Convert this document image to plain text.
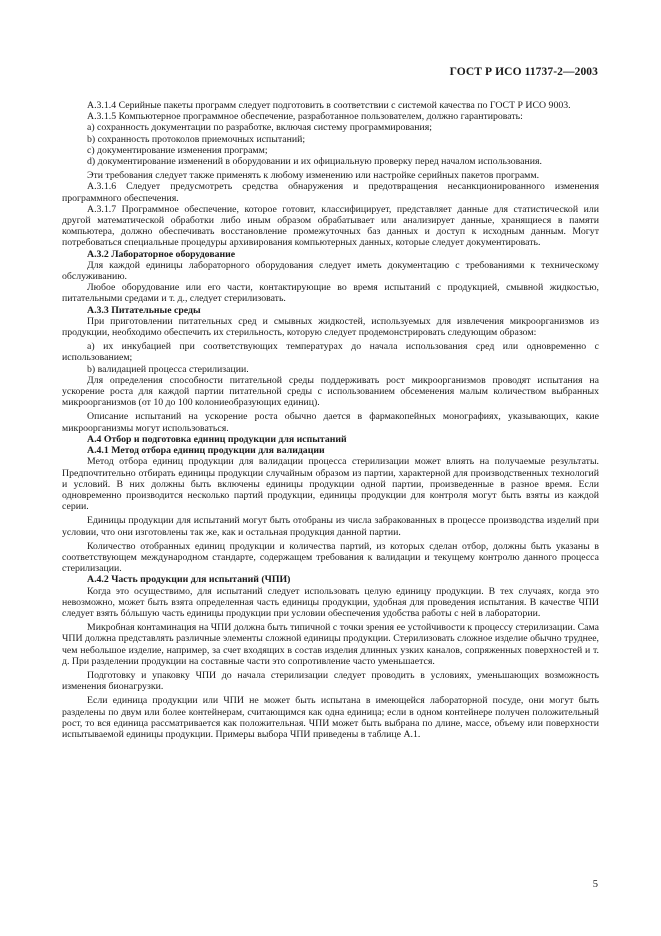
ГОСТ Р ИСО 11737-2—2003

А.3.1.4 Серийные пакеты программ следует подготовить в соответствии с системой качества по ГОСТ Р ИСО 9003.

А.3.1.5 Компьютерное программное обеспечение, разработанное пользователем, должно гарантировать:

а) сохранность документации по разработке, включая систему программирования;

b) сохранность протоколов приемочных испытаний;

c) документирование изменения программ;

d) документирование изменений в оборудовании и их официальную проверку перед началом использования.

Эти требования следует также применять к любому изменению или настройке серийных пакетов программ.

А.3.1.6 Следует предусмотреть средства обнаружения и предотвращения несанкционированного изменения программного обеспечения.

А.3.1.7 Программное обеспечение, которое готовит, классифицирует, представляет данные для статистической или другой математической обработки либо иным образом обрабатывает или анализирует данные, хранящиеся в памяти компьютера, должно обеспечивать восстановление промежуточных баз данных и доступ к исходным данным. Могут потребоваться специальные процедуры архивирования компьютерных данных, которые следует документировать.

А.3.2 Лабораторное оборудование

Для каждой единицы лабораторного оборудования следует иметь документацию с требованиями к техническому обслуживанию.

Любое оборудование или его части, контактирующие во время испытаний с продукцией, смывной жидкостью, питательными средами и т. д., следует стерилизовать.

А.3.3 Питательные среды

При приготовлении питательных сред и смывных жидкостей, используемых для извлечения микроорганизмов из продукции, необходимо обеспечить их стерильность, которую следует продемонстрировать следующим образом:

а) их инкубацией при соответствующих температурах до начала использования сред или одновременно с использованием;

b) валидацией процесса стерилизации.

Для определения способности питательной среды поддерживать рост микроорганизмов проводят испытания на ускорение роста для каждой партии питательной среды с использованием обсеменения малым количеством выбранных микроорганизмов (от 10 до 100 колониеобразующих единиц).

Описание испытаний на ускорение роста обычно дается в фармакопейных монографиях, указывающих, какие микроорганизмы могут использоваться.

А.4 Отбор и подготовка единиц продукции для испытаний

А.4.1 Метод отбора единиц продукции для валидации

Метод отбора единиц продукции для валидации процесса стерилизации может влиять на получаемые результаты. Предпочтительно отбирать единицы продукции случайным образом из партии, характерной для производственных технологий и условий. В них должны быть включены единицы продукции одной партии, произведенные в разное время. Если одновременно производится несколько партий продукции, единицы продукции для контроля могут быть взяты из каждой серии.

Единицы продукции для испытаний могут быть отобраны из числа забракованных в процессе производства изделий при условии, что они изготовлены так же, как и остальная продукция данной партии.

Количество отобранных единиц продукции и количества партий, из которых сделан отбор, должны быть указаны в соответствующем международном стандарте, содержащем требования к валидации и текущему контролю данного процесса стерилизации.

А.4.2 Часть продукции для испытаний (ЧПИ)

Когда это осуществимо, для испытаний следует использовать целую единицу продукции. В тех случаях, когда это невозможно, может быть взята определенная часть единицы продукции, удобная для проведения испытания. В качестве ЧПИ следует взять бóльшую часть единицы продукции при условии обеспечения удобства работы с ней в лаборатории.

Микробная контаминация на ЧПИ должна быть типичной с точки зрения ее устойчивости к процессу стерилизации. Сама ЧПИ должна представлять различные элементы сложной единицы продукции. Стерилизовать сложное изделие обычно труднее, чем небольшое изделие, например, за счет входящих в состав изделия длинных узких каналов, сопряженных поверхностей и т. д. При разделении продукции на составные части это сопротивление часто уменьшается.

Подготовку и упаковку ЧПИ до начала стерилизации следует проводить в условиях, уменьшающих возможность изменения бионагрузки.

Если единица продукции или ЧПИ не может быть испытана в имеющейся лабораторной посуде, они могут быть разделены по двум или более контейнерам, считающимся как одна единица; если в одном контейнере получен положительный рост, то вся единица рассматривается как положительная. ЧПИ может быть выбрана по длине, массе, объему или поверхности испытываемой единицы продукции. Примеры выбора ЧПИ приведены в таблице А.1.

5
